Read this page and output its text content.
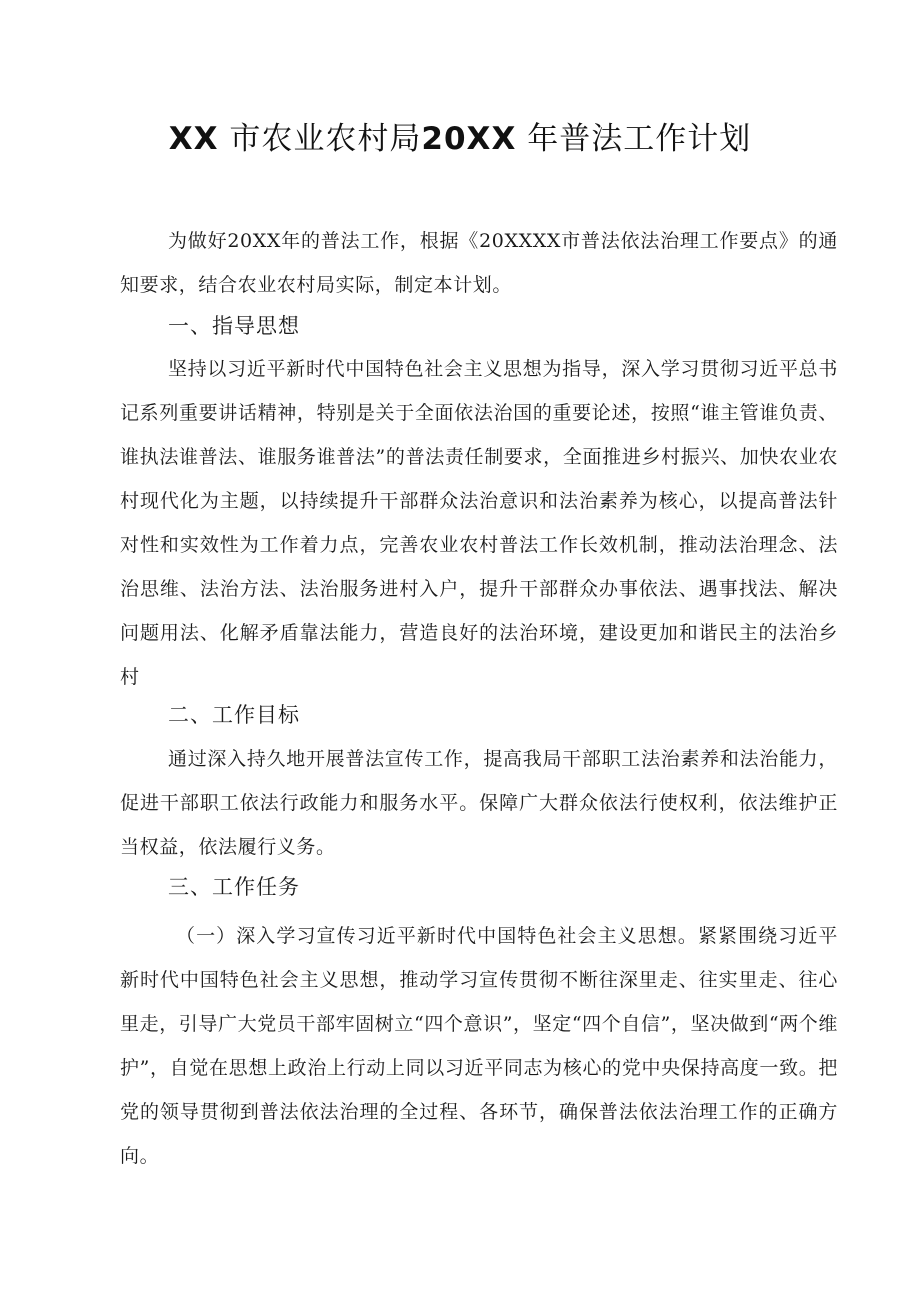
XX 市农业农村局20XX 年普法工作计划

为做好20XX年的普法工作，根据《20XXXX市普法依法治理工作要点》的通知要求，结合农业农村局实际，制定本计划。

一、指导思想

坚持以习近平新时代中国特色社会主义思想为指导，深入学习贯彻习近平总书记系列重要讲话精神，特别是关于全面依法治国的重要论述，按照“谁主管谁负责、谁执法谁普法、谁服务谁普法”的普法责任制要求，全面推进乡村振兴、加快农业农村现代化为主题，以持续提升干部群众法治意识和法治素养为核心，以提高普法针对性和实效性为工作着力点，完善农业农村普法工作长效机制，推动法治理念、法治思维、法治方法、法治服务进村入户，提升干部群众办事依法、遇事找法、解决问题用法、化解矛盾靠法能力，营造良好的法治环境，建设更加和谐民主的法治乡村

二、工作目标

通过深入持久地开展普法宣传工作，提高我局干部职工法治素养和法治能力，促进干部职工依法行政能力和服务水平。保障广大群众依法行使权利，依法维护正当权益，依法履行义务。

三、工作任务

（一）深入学习宣传习近平新时代中国特色社会主义思想。紧紧围绕习近平新时代中国特色社会主义思想，推动学习宣传贯彻不断往深里走、往实里走、往心里走，引导广大党员干部牢固树立“四个意识”，坚定“四个自信”，坚决做到“两个维护”，自觉在思想上政治上行动上同以习近平同志为核心的党中央保持高度一致。把党的领导贯彻到普法依法治理的全过程、各环节，确保普法依法治理工作的正确方向。
